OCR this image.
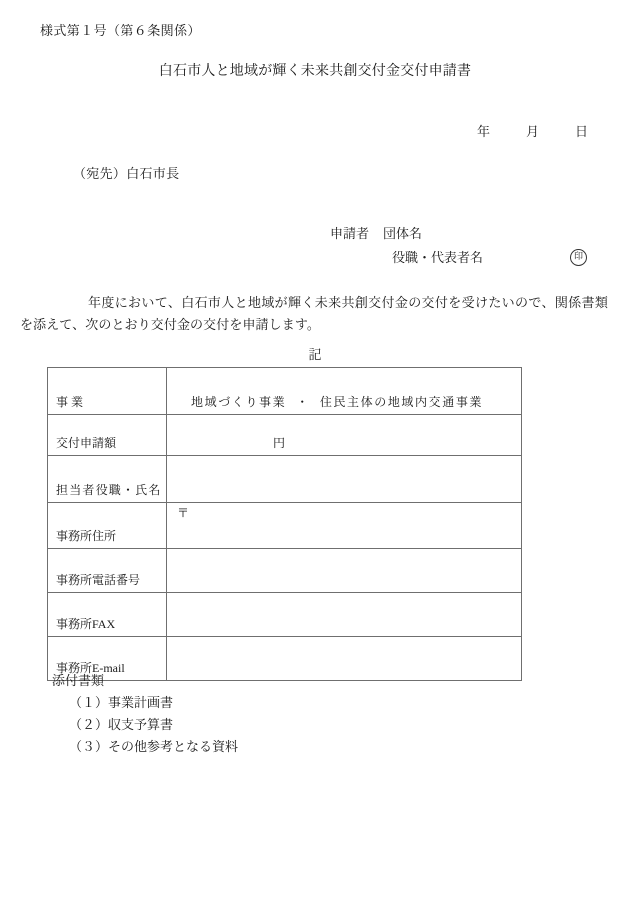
様式第１号（第６条関係）
白石市人と地域が輝く未来共創交付金交付申請書
年	月	日
（宛先）白石市長
申請者 団体名
役職・代表者名	印
年度において、白石市人と地域が輝く未来共創交付金の交付を受けたいので、関係書類を添えて、次のとおり交付金の交付を申請します。
記
事 業	地域づくり事業 ・ 住民主体の地域内交通事業
交付申請額	円

担当者役職・氏名	
事務所住所	〒

事務所電話番号	
事務所FAX	
事務所E-mail	
添付書類
（１）事業計画書
（２）収支予算書
（３）その他参考となる資料
